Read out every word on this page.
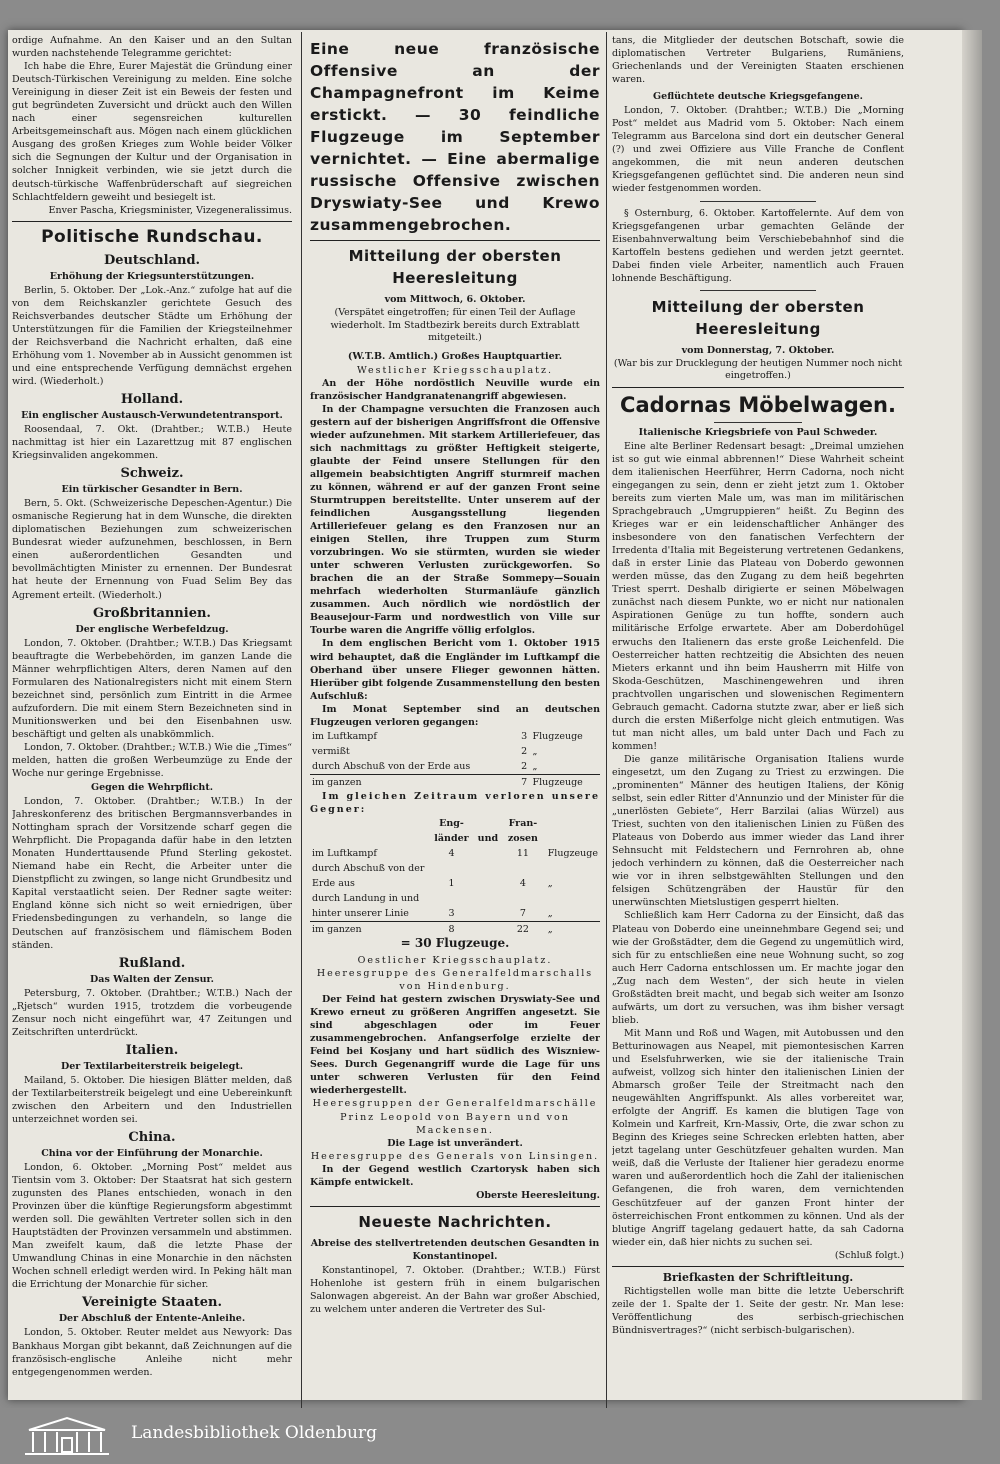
ordige Aufnahme. An den Kaiser und an den Sultan wurden nachstehende Telegramme gerichtet:

Ich habe die Ehre, Eurer Majestät die Gründung einer Deutsch-Türkischen Vereinigung zu melden. Eine solche Vereinigung in dieser Zeit ist ein Beweis der festen und gut begründeten Zuversicht und drückt auch den Willen nach einer segensreichen kulturellen Arbeitsgemeinschaft aus. Mögen nach einem glücklichen Ausgang des großen Krieges zum Wohle beider Völker sich die Segnungen der Kultur und der Organisation in solcher Innigkeit verbinden, wie sie jetzt durch die deutsch-türkische Waffenbrüderschaft auf siegreichen Schlachtfeldern geweiht und besiegelt ist.

Enver Pascha, Kriegsminister, Vizegeneralissimus.

Politische Rundschau.
Deutschland.
Erhöhung der Kriegsunterstützungen.

Berlin, 5. Oktober. Der „Lok.-Anz.“ zufolge hat auf die von dem Reichskanzler gerichtete Gesuch des Reichsverbandes deutscher Städte um Erhöhung der Unterstützungen für die Familien der Kriegsteilnehmer der Reichsverband die Nachricht erhalten, daß eine Erhöhung vom 1. November ab in Aussicht genommen ist und eine entsprechende Verfügung demnächst ergehen wird. (Wiederholt.)

Holland.
Ein englischer Austausch-Verwundetentransport.

Roosendaal, 7. Okt. (Drahtber.; W.T.B.) Heute nachmittag ist hier ein Lazarettzug mit 87 englischen Kriegsinvaliden angekommen.

Schweiz.
Ein türkischer Gesandter in Bern.

Bern, 5. Okt. (Schweizerische Depeschen-Agentur.) Die osmanische Regierung hat in dem Wunsche, die direkten diplomatischen Beziehungen zum schweizerischen Bundesrat wieder aufzunehmen, beschlossen, in Bern einen außerordentlichen Gesandten und bevollmächtigten Minister zu ernennen. Der Bundesrat hat heute der Ernennung von Fuad Selim Bey das Agrement erteilt. (Wiederholt.)

Großbritannien.
Der englische Werbefeldzug.

London, 7. Oktober. (Drahtber.; W.T.B.) Das Kriegsamt beauftragte die Werbebehörden, im ganzen Lande die Männer wehrpflichtigen Alters, deren Namen auf den Formularen des Nationalregisters nicht mit einem Stern bezeichnet sind, persönlich zum Eintritt in die Armee aufzufordern. Die mit einem Stern Bezeichneten sind in Munitionswerken und bei den Eisenbahnen usw. beschäftigt und gelten als unabkömmlich.

London, 7. Oktober. (Drahtber.; W.T.B.) Wie die „Times“ melden, hatten die großen Werbeumzüge zu Ende der Woche nur geringe Ergebnisse.

Gegen die Wehrpflicht.

London, 7. Oktober. (Drahtber.; W.T.B.) In der Jahreskonferenz des britischen Bergmannsverbandes in Nottingham sprach der Vorsitzende scharf gegen die Wehrpflicht. Die Propaganda dafür habe in den letzten Monaten Hunderttausende Pfund Sterling gekostet. Niemand habe ein Recht, die Arbeiter unter die Dienstpflicht zu zwingen, so lange nicht Grundbesitz und Kapital verstaatlicht seien. Der Redner sagte weiter: England könne sich nicht so weit erniedrigen, über Friedensbedingungen zu verhandeln, so lange die Deutschen auf französischem und flämischem Boden ständen.

Rußland.
Das Walten der Zensur.

Petersburg, 7. Oktober. (Drahtber.; W.T.B.) Nach der „Rjetsch“ wurden 1915, trotzdem die vorbeugende Zensur noch nicht eingeführt war, 47 Zeitungen und Zeitschriften unterdrückt.

Italien.
Der Textilarbeiterstreik beigelegt.

Mailand, 5. Oktober. Die hiesigen Blätter melden, daß der Textilarbeiterstreik beigelegt und eine Uebereinkunft zwischen den Arbeitern und den Industriellen unterzeichnet worden sei.

China.
China vor der Einführung der Monarchie.

London, 6. Oktober. „Morning Post“ meldet aus Tientsin vom 3. Oktober: Der Staatsrat hat sich gestern zugunsten des Planes entschieden, wonach in den Provinzen über die künftige Regierungsform abgestimmt werden soll. Die gewählten Vertreter sollen sich in den Hauptstädten der Provinzen versammeln und abstimmen. Man zweifelt kaum, daß die letzte Phase der Umwandlung Chinas in eine Monarchie in den nächsten Wochen schnell erledigt werden wird. In Peking hält man die Errichtung der Monarchie für sicher.

Vereinigte Staaten.
Der Abschluß der Entente-Anleihe.

London, 5. Oktober. Reuter meldet aus Newyork: Das Bankhaus Morgan gibt bekannt, daß Zeichnungen auf die französisch-englische Anleihe nicht mehr entgegengenommen werden.

Eine neue französische Offensive an der Champagnefront im Keime erstickt. — 30 feindliche Flugzeuge im September vernichtet. — Eine abermalige russische Offensive zwischen Dryswiaty-See und Krewo zusammengebrochen.
Mitteilung der obersten Heeresleitung
vom Mittwoch, 6. Oktober.
(Verspätet eingetroffen; für einen Teil der Auflage wiederholt. Im Stadtbezirk bereits durch Extrablatt mitgeteilt.)
(W.T.B. Amtlich.) Großes Hauptquartier.
Westlicher Kriegsschauplatz.

An der Höhe nordöstlich Neuville wurde ein französischer Handgranatenangriff abgewiesen.

In der Champagne versuchten die Franzosen auch gestern auf der bisherigen Angriffsfront die Offensive wieder aufzunehmen. Mit starkem Artilleriefeuer, das sich nachmittags zu größter Heftigkeit steigerte, glaubte der Feind unsere Stellungen für den allgemein beabsichtigten Angriff sturmreif machen zu können, während er auf der ganzen Front seine Sturmtruppen bereitstellte. Unter unserem auf der feindlichen Ausgangsstellung liegenden Artilleriefeuer gelang es den Franzosen nur an einigen Stellen, ihre Truppen zum Sturm vorzubringen. Wo sie stürmten, wurden sie wieder unter schweren Verlusten zurückgeworfen. So brachen die an der Straße Sommepy—Souain mehrfach wiederholten Sturmanläufe gänzlich zusammen. Auch nördlich wie nordöstlich der Beausejour-Farm und nordwestlich von Ville sur Tourbe waren die Angriffe völlig erfolglos.

In dem englischen Bericht vom 1. Oktober 1915 wird behauptet, daß die Engländer im Luftkampf die Oberhand über unsere Flieger gewonnen hätten. Hierüber gibt folgende Zusammenstellung den besten Aufschluß:

Im Monat September sind an deutschen Flugzeugen verloren gegangen:

im Luftkampf	3	Flugzeuge
vermißt	2	„
durch Abschuß von der Erde aus	2	„
im ganzen	7	Flugzeuge

Im gleichen Zeitraum verloren unsere Gegner:

	Eng-länder	und	Fran-zosen	
im Luftkampf	4		11	Flugzeuge
durch Abschuß von der Erde aus	1		4	„
durch Landung in und hinter unserer Linie	3		7	„
im ganzen	8		22	„
= 30 Flugzeuge.
Oestlicher Kriegsschauplatz.
Heeresgruppe des Generalfeldmarschalls von Hindenburg.

Der Feind hat gestern zwischen Dryswiaty-See und Krewo erneut zu größeren Angriffen angesetzt. Sie sind abgeschlagen oder im Feuer zusammengebrochen. Anfangserfolge erzielte der Feind bei Kosjany und hart südlich des Wiszniew-Sees. Durch Gegenangriff wurde die Lage für uns unter schweren Verlusten für den Feind wiederhergestellt.

Heeresgruppen der Generalfeldmarschälle Prinz Leopold von Bayern und von Mackensen.
Die Lage ist unverändert.
Heeresgruppe des Generals von Linsingen.

In der Gegend westlich Czartorysk haben sich Kämpfe entwickelt.

Oberste Heeresleitung.
Neueste Nachrichten.
Abreise des stellvertretenden deutschen Gesandten in Konstantinopel.

Konstantinopel, 7. Oktober. (Drahtber.; W.T.B.) Fürst Hohenlohe ist gestern früh in einem bulgarischen Salonwagen abgereist. An der Bahn war großer Abschied, zu welchem unter anderen die Vertreter des Sul-

tans, die Mitglieder der deutschen Botschaft, sowie die diplomatischen Vertreter Bulgariens, Rumäniens, Griechenlands und der Vereinigten Staaten erschienen waren.

Geflüchtete deutsche Kriegsgefangene.

London, 7. Oktober. (Drahtber.; W.T.B.) Die „Morning Post“ meldet aus Madrid vom 5. Oktober: Nach einem Telegramm aus Barcelona sind dort ein deutscher General (?) und zwei Offiziere aus Ville Franche de Conflent angekommen, die mit neun anderen deutschen Kriegsgefangenen geflüchtet sind. Die anderen neun sind wieder festgenommen worden.

§ Osternburg, 6. Oktober. Kartoffelernte. Auf dem von Kriegsgefangenen urbar gemachten Gelände der Eisenbahnverwaltung beim Verschiebebahnhof sind die Kartoffeln bestens gediehen und werden jetzt geerntet. Dabei finden viele Arbeiter, namentlich auch Frauen lohnende Beschäftigung.

Mitteilung der obersten Heeresleitung
vom Donnerstag, 7. Oktober.
(War bis zur Drucklegung der heutigen Nummer noch nicht eingetroffen.)
Cadornas Möbelwagen.
Italienische Kriegsbriefe von Paul Schweder.

Eine alte Berliner Redensart besagt: „Dreimal umziehen ist so gut wie einmal abbrennen!“ Diese Wahrheit scheint dem italienischen Heerführer, Herrn Cadorna, noch nicht eingegangen zu sein, denn er zieht jetzt zum 1. Oktober bereits zum vierten Male um, was man im militärischen Sprachgebrauch „Umgruppieren“ heißt. Zu Beginn des Krieges war er ein leidenschaftlicher Anhänger des insbesondere von den fanatischen Verfechtern der Irredenta d'Italia mit Begeisterung vertretenen Gedankens, daß in erster Linie das Plateau von Doberdo gewonnen werden müsse, das den Zugang zu dem heiß begehrten Triest sperrt. Deshalb dirigierte er seinen Möbelwagen zunächst nach diesem Punkte, wo er nicht nur nationalen Aspirationen Genüge zu tun hoffte, sondern auch militärische Erfolge erwartete. Aber am Doberdohügel erwuchs den Italienern das erste große Leichenfeld. Die Oesterreicher hatten rechtzeitig die Absichten des neuen Mieters erkannt und ihn beim Hausherrn mit Hilfe von Skoda-Geschützen, Maschinengewehren und ihren prachtvollen ungarischen und slowenischen Regimentern Gebrauch gemacht. Cadorna stutzte zwar, aber er ließ sich durch die ersten Mißerfolge nicht gleich entmutigen. Was tut man nicht alles, um bald unter Dach und Fach zu kommen!

Die ganze militärische Organisation Italiens wurde eingesetzt, um den Zugang zu Triest zu erzwingen. Die „prominenten“ Männer des heutigen Italiens, der König selbst, sein edler Ritter d'Annunzio und der Minister für die „unerlösten Gebiete“, Herr Barzilai (alias Würzel) aus Triest, suchten von den italienischen Linien zu Füßen des Plateaus von Doberdo aus immer wieder das Land ihrer Sehnsucht mit Feldstechern und Fernrohren ab, ohne jedoch verhindern zu können, daß die Oesterreicher nach wie vor in ihren selbstgewählten Stellungen und den felsigen Schützengräben der Haustür für den unerwünschten Mietslustigen gesperrt hielten.

Schließlich kam Herr Cadorna zu der Einsicht, daß das Plateau von Doberdo eine uneinnehmbare Gegend sei; und wie der Großstädter, dem die Gegend zu ungemütlich wird, sich für zu entschließen eine neue Wohnung sucht, so zog auch Herr Cadorna entschlossen um. Er machte jogar den „Zug nach dem Westen“, der sich heute in vielen Großstädten breit macht, und begab sich weiter am Isonzo aufwärts, um dort zu versuchen, was ihm bisher versagt blieb.

Mit Mann und Roß und Wagen, mit Autobussen und den Betturinowagen aus Neapel, mit piemontesischen Karren und Eselsfuhrwerken, wie sie der italienische Train aufweist, vollzog sich hinter den italienischen Linien der Abmarsch großer Teile der Streitmacht nach den neugewählten Angriffspunkt. Als alles vorbereitet war, erfolgte der Angriff. Es kamen die blutigen Tage von Kolmein und Karfreit, Krn-Massiv, Orte, die zwar schon zu Beginn des Krieges seine Schrecken erlebten hatten, aber jetzt tagelang unter Geschützfeuer gehalten wurden. Man weiß, daß die Verluste der Italiener hier geradezu enorme waren und außerordentlich hoch die Zahl der italienischen Gefangenen, die froh waren, dem vernichtenden Geschützfeuer auf der ganzen Front hinter der österreichischen Front entkommen zu können. Und als der blutige Angriff tagelang gedauert hatte, da sah Cadorna wieder ein, daß hier nichts zu suchen sei.

(Schluß folgt.)
Briefkasten der Schriftleitung.

Richtigstellen wolle man bitte die letzte Ueberschrift zeile der 1. Spalte der 1. Seite der gestr. Nr. Man lese: Veröffentlichung des serbisch-griechischen Bündnisvertrages?“ (nicht serbisch-bulgarischen).

Landesbibliothek Oldenburg
